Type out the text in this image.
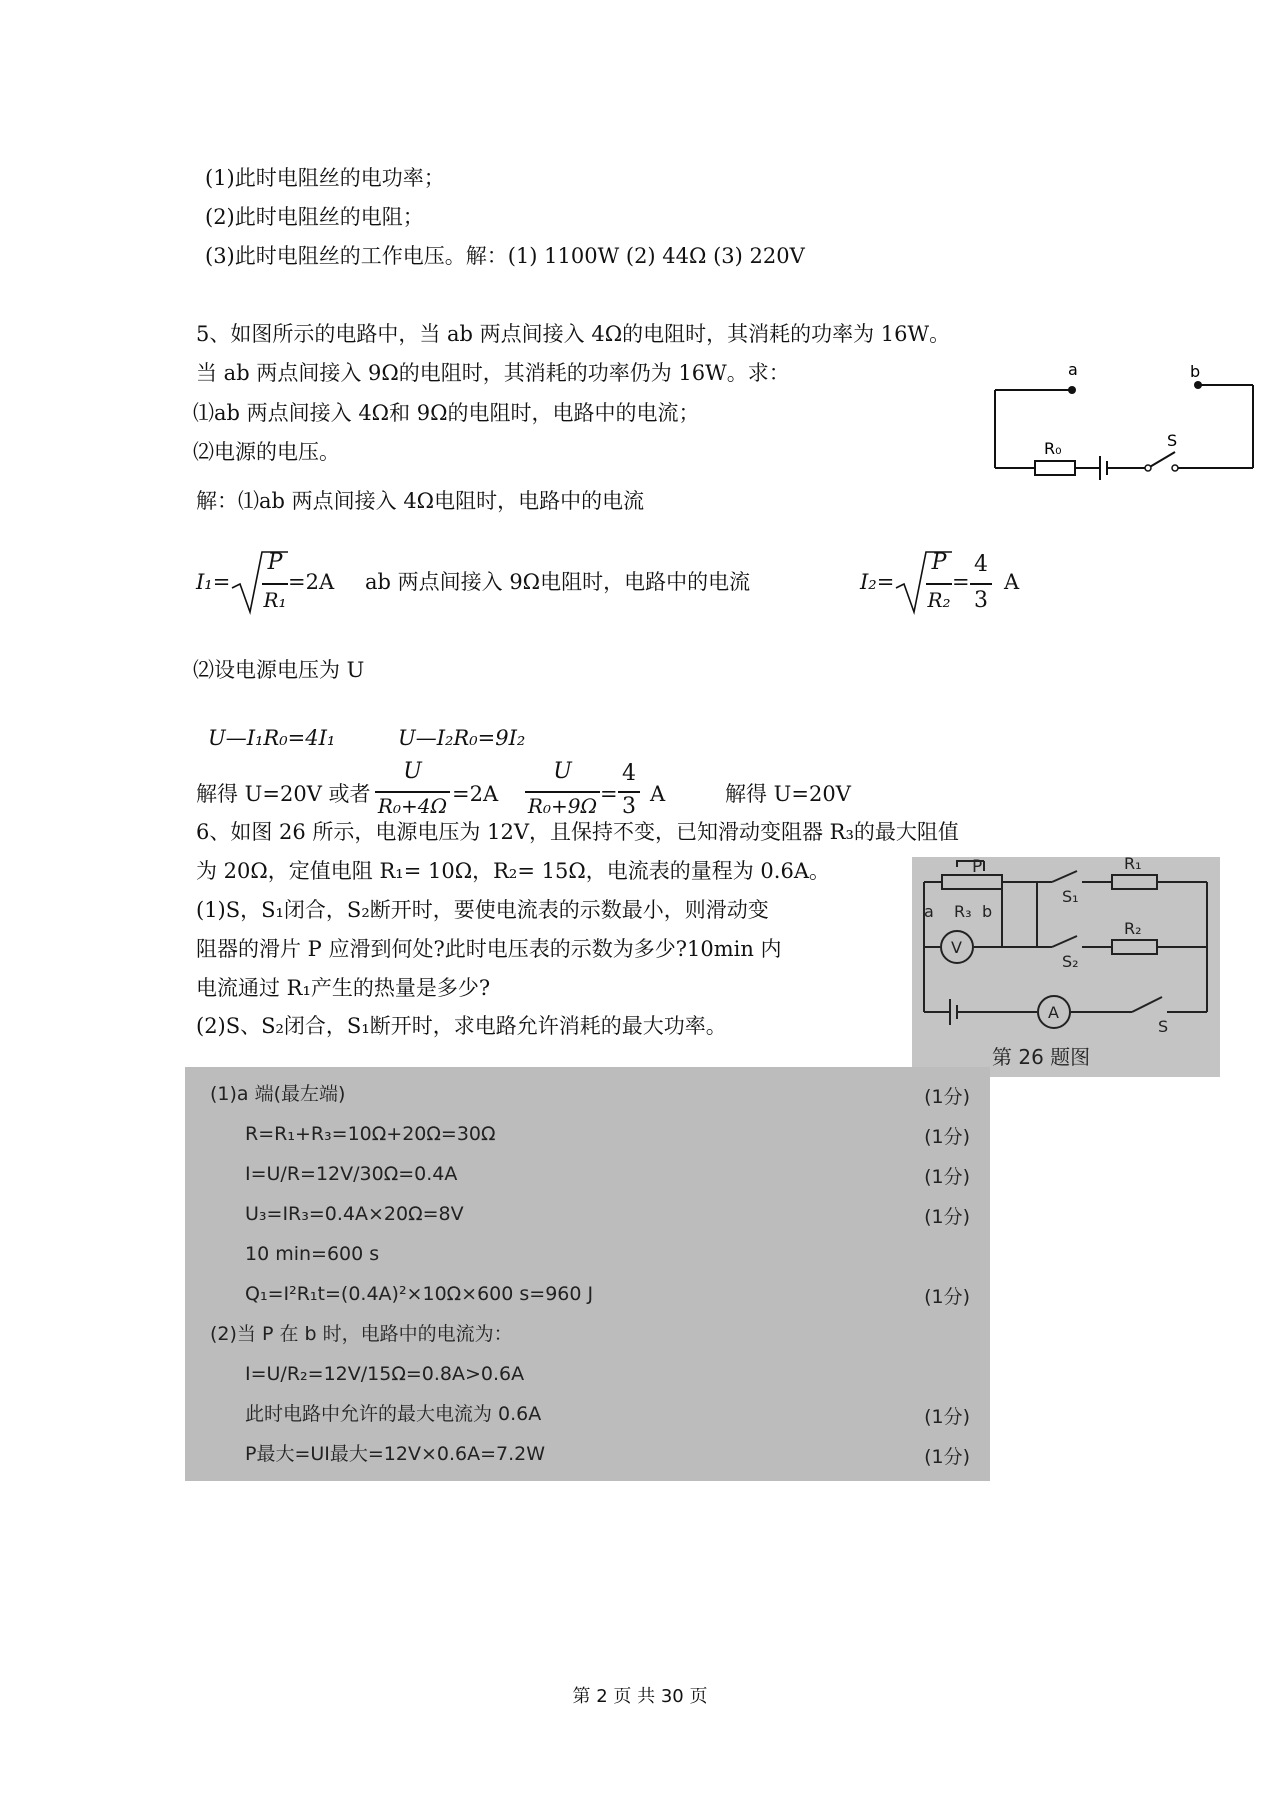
(1)此时电阻丝的电功率；
(2)此时电阻丝的电阻；
(3)此时电阻丝的工作电压。解：(1) 1100W (2) 44Ω (3) 220V
5、如图所示的电路中，当 ab 两点间接入 4Ω的电阻时，其消耗的功率为 16W。
当 ab 两点间接入 9Ω的电阻时，其消耗的功率仍为 16W。求：
⑴ab 两点间接入 4Ω和 9Ω的电阻时，电路中的电流；
⑵电源的电压。
a	b
R₀	S
解：⑴ab 两点间接入 4Ω电阻时，电路中的电流
I₁=
P
R₁
=2A ab 两点间接入 9Ω电阻时，电路中的电流	I₂=
P
R₂
=
4
3
A
⑵设电源电压为 U
U—I₁R₀=4I₁	U—I₂R₀=9I₂
解得 U=20V 或者
U
R₀+4Ω =2A
U
R₀+9Ω =
4
3 A	解得 U=20V
6、如图 26 所示，电源电压为 12V，且保持不变，已知滑动变阻器 R₃的最大阻值
为 20Ω，定值电阻 R₁= 10Ω，R₂= 15Ω，电流表的量程为 0.6A。
(1)S，S₁闭合，S₂断开时，要使电流表的示数最小，则滑动变
阻器的滑片 P 应滑到何处?此时电压表的示数为多少?10min 内
电流通过 R₁产生的热量是多少?
(2)S、S₂闭合，S₁断开时，求电路允许消耗的最大功率。
P
a	b
R₃
V
S₁
S₂
R₁
R₂
A
S
第 26 题图
(1)a 端(最左端)	(1分)
R=R₁+R₃=10Ω+20Ω=30Ω	(1分)
I=U/R=12V/30Ω=0.4A	(1分)
U₃=IR₃=0.4A×20Ω=8V	(1分)
10 min=600 s
Q₁=I²R₁t=(0.4A)²×10Ω×600 s=960 J	(1分)
(2)当 P 在 b 时，电路中的电流为：
I=U/R₂=12V/15Ω=0.8A>0.6A
此时电路中允许的最大电流为 0.6A	(1分)
P最大=UI最大=12V×0.6A=7.2W	(1分)
第 2 页 共 30 页
